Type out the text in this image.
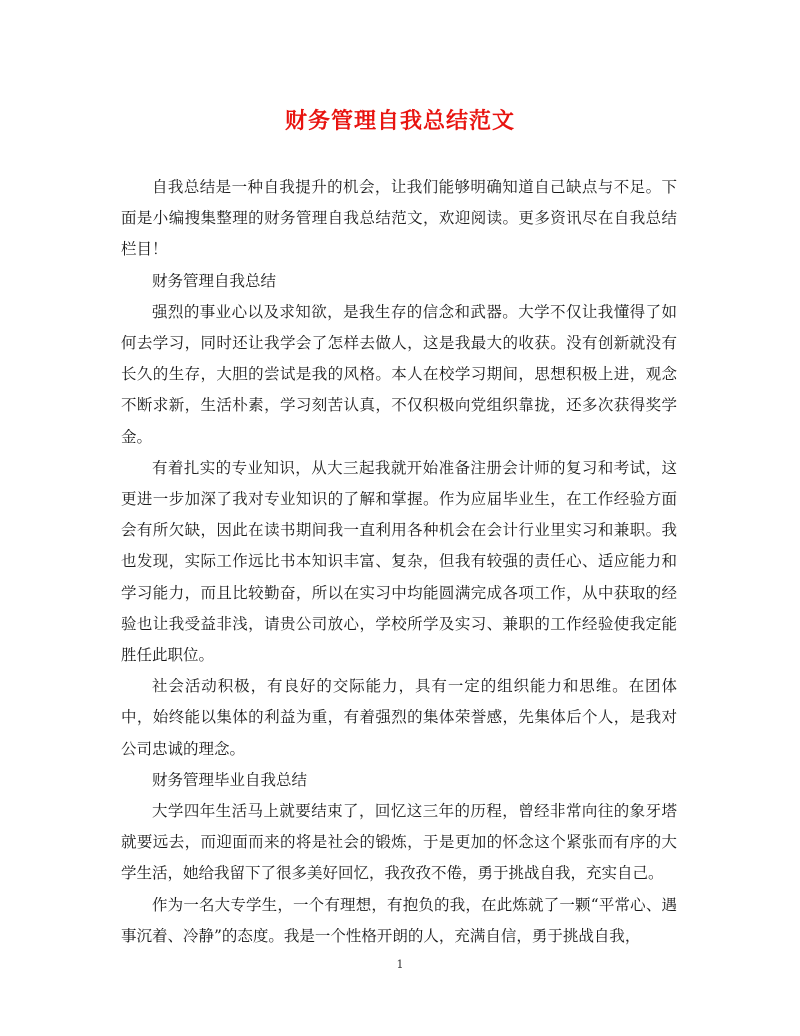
财务管理自我总结范文

自我总结是一种自我提升的机会，让我们能够明确知道自己缺点与不足。下面是小编搜集整理的财务管理自我总结范文，欢迎阅读。更多资讯尽在自我总结栏目！

财务管理自我总结

强烈的事业心以及求知欲，是我生存的信念和武器。大学不仅让我懂得了如何去学习，同时还让我学会了怎样去做人，这是我最大的收获。没有创新就没有长久的生存，大胆的尝试是我的风格。本人在校学习期间，思想积极上进，观念不断求新，生活朴素，学习刻苦认真，不仅积极向党组织靠拢，还多次获得奖学金。

有着扎实的专业知识，从大三起我就开始准备注册会计师的复习和考试，这更进一步加深了我对专业知识的了解和掌握。作为应届毕业生，在工作经验方面会有所欠缺，因此在读书期间我一直利用各种机会在会计行业里实习和兼职。我也发现，实际工作远比书本知识丰富、复杂，但我有较强的责任心、适应能力和学习能力，而且比较勤奋，所以在实习中均能圆满完成各项工作，从中获取的经验也让我受益非浅，请贵公司放心，学校所学及实习、兼职的工作经验使我定能胜任此职位。

社会活动积极，有良好的交际能力，具有一定的组织能力和思维。在团体中，始终能以集体的利益为重，有着强烈的集体荣誉感，先集体后个人，是我对公司忠诚的理念。

财务管理毕业自我总结

大学四年生活马上就要结束了，回忆这三年的历程，曾经非常向往的象牙塔就要远去，而迎面而来的将是社会的锻炼，于是更加的怀念这个紧张而有序的大学生活，她给我留下了很多美好回忆，我孜孜不倦，勇于挑战自我，充实自己。

作为一名大专学生，一个有理想，有抱负的我，在此炼就了一颗“平常心、遇事沉着、冷静”的态度。我是一个性格开朗的人，充满自信，勇于挑战自我，

1
